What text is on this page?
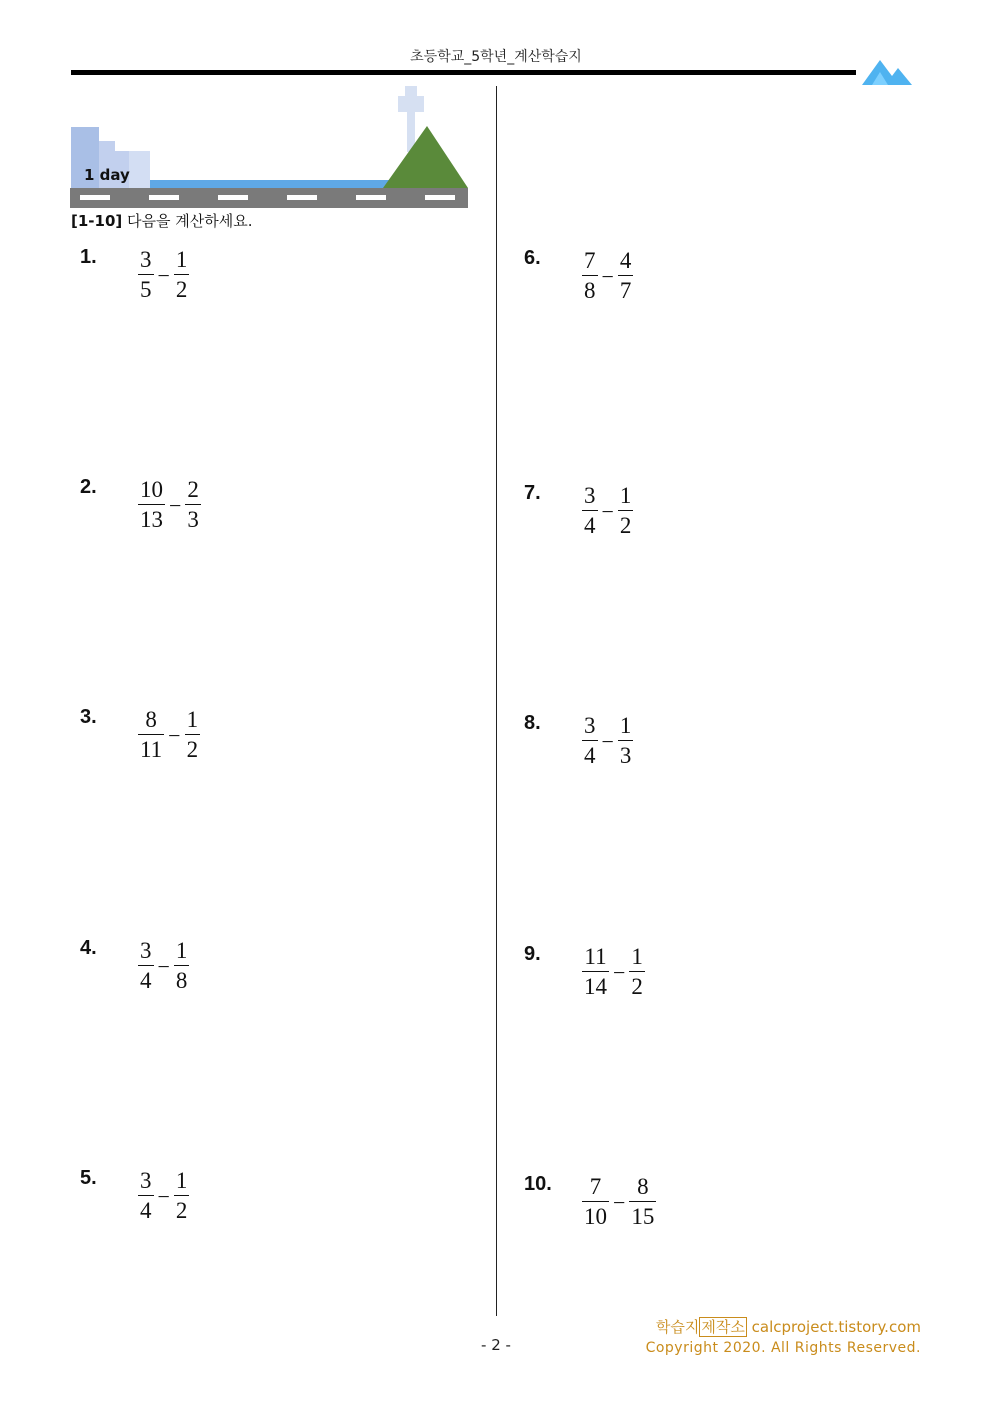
초등학교_5학년_계산학습지
1 day
[1-10] 다음을 계산하세요.
1. $\frac{3}{5} - \frac{1}{2}$
2. $\frac{10}{13} - \frac{2}{3}$
3. $\frac{8}{11} - \frac{1}{2}$
4. $\frac{3}{4} - \frac{1}{8}$
5. $\frac{3}{4} - \frac{1}{2}$
6. $\frac{7}{8} - \frac{4}{7}$
7. $\frac{3}{4} - \frac{1}{2}$
8. $\frac{3}{4} - \frac{1}{3}$
9. $\frac{11}{14} - \frac{1}{2}$
10. $\frac{7}{10} - \frac{8}{15}$
학습지 제작소 calcproject.tistory.com
Copyright 2020. All Rights Reserved.
- 2 -
